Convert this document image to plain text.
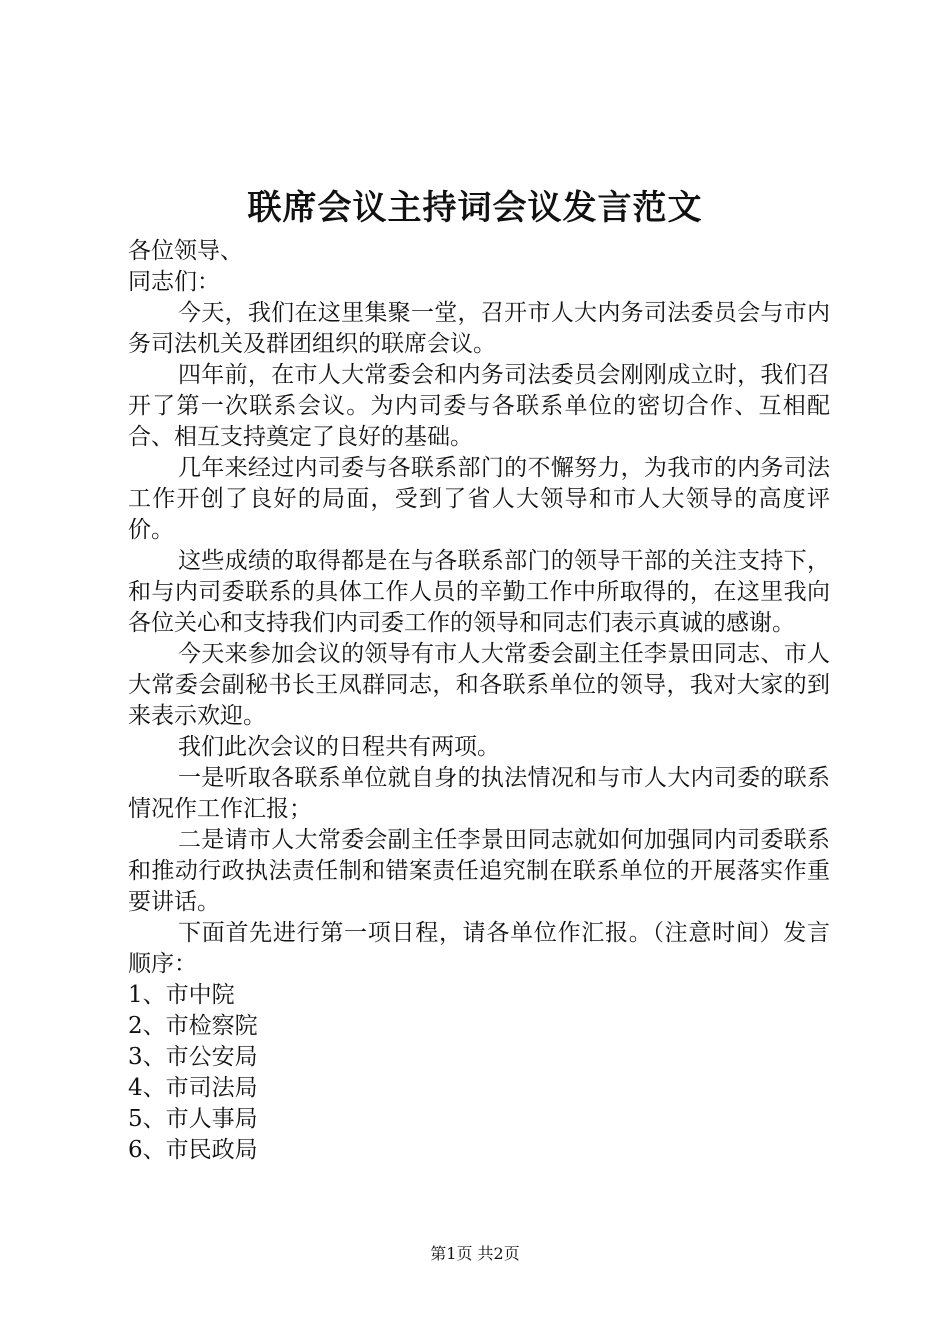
联席会议主持词会议发言范文

各位领导、

同志们：

今天，我们在这里集聚一堂，召开市人大内务司法委员会与市内务司法机关及群团组织的联席会议。

四年前，在市人大常委会和内务司法委员会刚刚成立时，我们召开了第一次联系会议。为内司委与各联系单位的密切合作、互相配合、相互支持奠定了良好的基础。

几年来经过内司委与各联系部门的不懈努力，为我市的内务司法工作开创了良好的局面，受到了省人大领导和市人大领导的高度评价。

这些成绩的取得都是在与各联系部门的领导干部的关注支持下，和与内司委联系的具体工作人员的辛勤工作中所取得的，在这里我向各位关心和支持我们内司委工作的领导和同志们表示真诚的感谢。

今天来参加会议的领导有市人大常委会副主任李景田同志、市人大常委会副秘书长王凤群同志，和各联系单位的领导，我对大家的到来表示欢迎。

我们此次会议的日程共有两项。

一是听取各联系单位就自身的执法情况和与市人大内司委的联系情况作工作汇报；

二是请市人大常委会副主任李景田同志就如何加强同内司委联系和推动行政执法责任制和错案责任追究制在联系单位的开展落实作重要讲话。

下面首先进行第一项日程，请各单位作汇报。（注意时间）发言顺序：

1、市中院

2、市检察院

3、市公安局

4、市司法局

5、市人事局

6、市民政局

第1页 共2页
